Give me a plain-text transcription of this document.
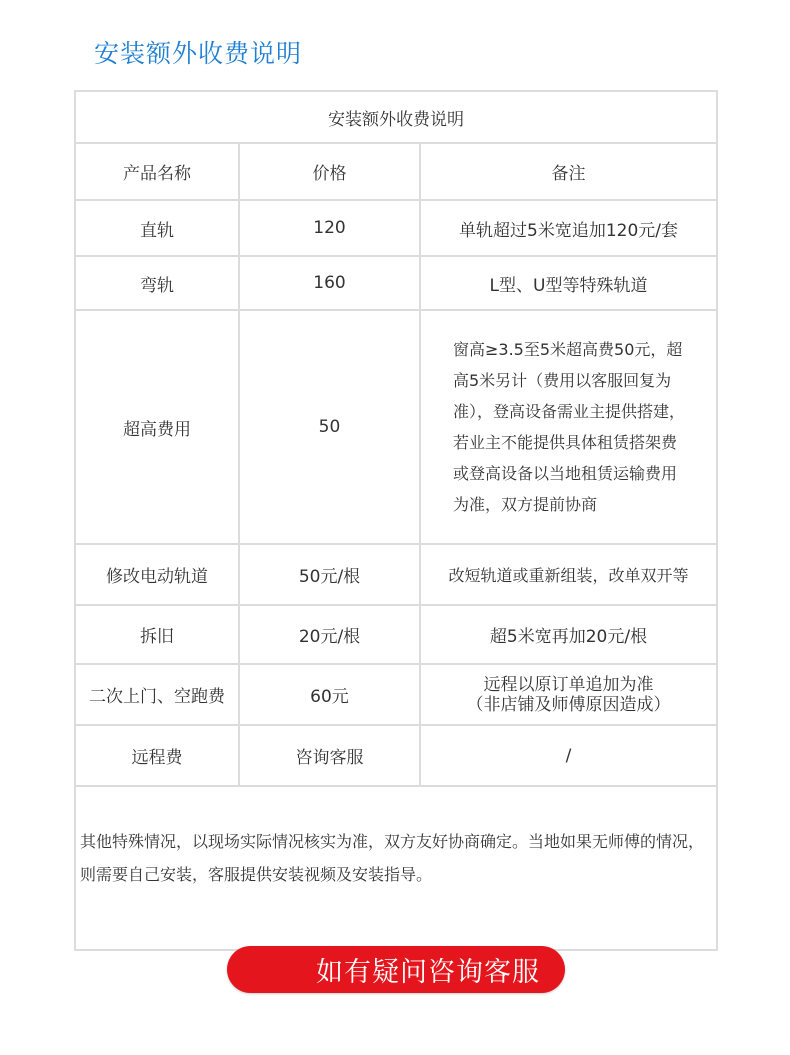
安装额外收费说明
安装额外收费说明		
产品名称	价格	备注
直轨	120	单轨超过5米宽追加120元/套
弯轨	160	L型、U型等特殊轨道
超高费用	50	窗高≥3.5至5米超高费50元，超高5米另计（费用以客服回复为准），登高设备需业主提供搭建，若业主不能提供具体租赁搭架费或登高设备以当地租赁运输费用为准，双方提前协商
修改电动轨道	50元/根	改短轨道或重新组装，改单双开等
拆旧	20元/根	超5米宽再加20元/根
二次上门、空跑费	60元	远程以原订单追加为准
（非店铺及师傅原因造成）

远程费	咨询客服	/
其他特殊情况，以现场实际情况核实为准，双方友好协商确定。当地如果无师傅的情况，则需要自己安装，客服提供安装视频及安装指导。		
如有疑问咨询客服
